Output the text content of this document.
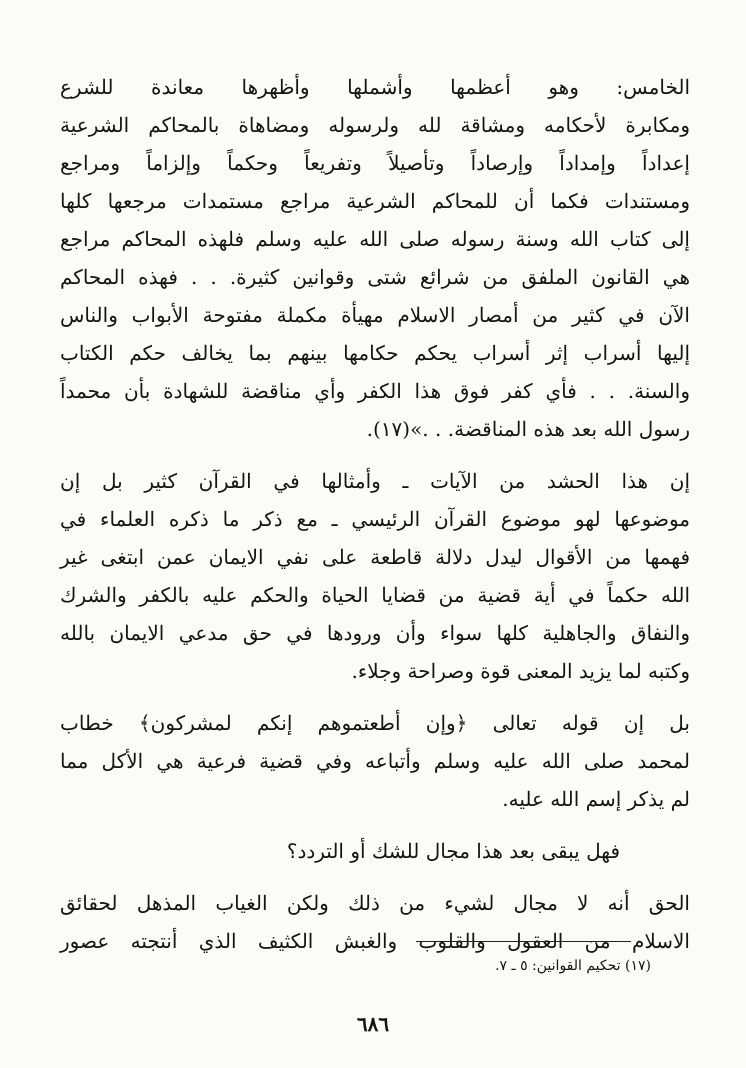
الخامس: وهو أعظمها وأشملها وأظهرها معاندة للشرع
ومكابرة لأحكامه ومشاقة لله ولرسوله ومضاهاة بالمحاكم الشرعية
إعداداً وإمداداً وإرصاداً وتأصيلاً وتفريعاً وحكماً وإلزاماً ومراجع
ومستندات فكما أن للمحاكم الشرعية مراجع مستمدات مرجعها كلها
إلى كتاب الله وسنة رسوله صلى الله عليه وسلم فلهذه المحاكم مراجع
هي القانون الملفق من شرائع شتى وقوانين كثيرة. . . فهذه المحاكم
الآن في كثير من أمصار الاسلام مهيأة مكملة مفتوحة الأبواب والناس
إليها أسراب إثر أسراب يحكم حكامها بينهم بما يخالف حكم الكتاب
والسنة. . . فأي كفر فوق هذا الكفر وأي مناقضة للشهادة بأن محمداً
رسول الله بعد هذه المناقضة. . .»(١٧).
إن هذا الحشد من الآيات ـ وأمثالها في القرآن كثير بل إن
موضوعها لهو موضوع القرآن الرئيسي ـ مع ذكر ما ذكره العلماء في
فهمها من الأقوال ليدل دلالة قاطعة على نفي الايمان عمن ابتغى غير
الله حكماً في أية قضية من قضايا الحياة والحكم عليه بالكفر والشرك
والنفاق والجاهلية كلها سواء وأن ورودها في حق مدعي الايمان بالله
وكتبه لما يزيد المعنى قوة وصراحة وجلاء.
بل إن قوله تعالى ﴿وإن أطعتموهم إنكم لمشركون﴾ خطاب
لمحمد صلى الله عليه وسلم وأتباعه وفي قضية فرعية هي الأكل مما
لم يذكر إسم الله عليه.
فهل يبقى بعد هذا مجال للشك أو التردد؟
الحق أنه لا مجال لشيء من ذلك ولكن الغياب المذهل لحقائق
الاسلام من العقول والقلوب والغبش الكثيف الذي أنتجته عصور
(١٧) تحكيم القوانين: ٥ ـ ٧.
٦٨٦
